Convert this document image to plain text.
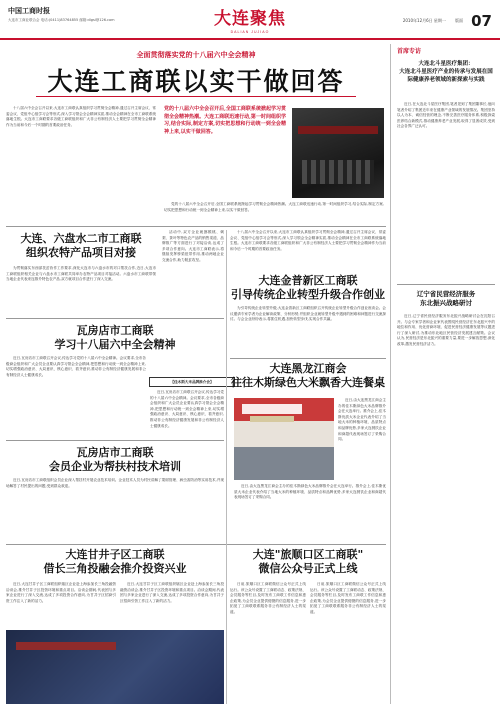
中国工商时报
大连市工商业联合会 电话:(0411)83764855 邮箱:dlgsl@126.com	大连聚焦
DALIAN JUJIAO
2010年12月6日 星期一 版面 07
全面贯彻落实党的十八届六中全会精神
大连工商联以实干做回答
党的十八届六中全会召开后,全国工商联系统掀起学习贯彻全会精神热潮。大连工商联迅速行动,第一时间组织学习,结合实际,制定方案,切实把思想和行动统一到全会精神上来,以实干做回答。

十八届六中全会召开以来,大连市工商联认真组织学习贯彻全会精神,通过召开主席会议、常委会议、党组中心组学习会等形式,深入学习领会全会精神实质,推动全会精神在全市工商联系统落地生根。大连市工商联要求各级工商联组织和广大非公有制经济人士要把学习贯彻全会精神作为当前和今后一个时期的首要政治任务。

党的十八届六中全会召开后,全国工商联系统掀起学习贯彻全会精神热潮。大连工商联迅速行动,第一时间组织学习,结合实际,制定方案,切实把思想和行动统一到全会精神上来,以实干做回答。

大连、六盘水二市工商联
组织农特产品项目对接

为贯彻落实东西部扶贫协作工作要求,深化大连市与六盘水市的对口帮扶合作,近日,大连市工商联组织相关企业与六盘水市工商联共同举办农特产品项目对接活动。六盘水市工商联带领当地企业代表来连推介特色农产品,双方就项目合作进行了深入交流。

活动中,双方企业就猕猴桃、刺梨、茶叶等特色农产品的销售渠道、品牌推广等方面进行了对接洽谈,达成了多项合作意向。大连市工商联表示,将继续发挥桥梁纽带作用,推动两地企业交流合作,助力脱贫攻坚。

十八届六中全会召开以来,大连市工商联认真组织学习贯彻全会精神,通过召开主席会议、常委会议、党组中心组学习会等形式,深入学习领会全会精神实质,推动全会精神在全市工商联系统落地生根。大连市工商联要求各级工商联组织和广大非公有制经济人士要把学习贯彻全会精神作为当前和今后一个时期的首要政治任务。

大连金普新区工商联
引导传统企业转型升级合作创业

为引导传统企业转型升级,大连金普新区工商联组织召开传统企业转型升级合作创业座谈会。会议邀请专家学者为企业解读政策、分析形势,并组织企业就转型升级中遇到的困难和问题进行交流探讨。与会企业纷纷表示,将抓住机遇,加快转型步伐,实现合作共赢。

瓦房店市工商联
学习十八届六中全会精神

近日,瓦房店市工商联召开会议,传达学习党的十八届六中全会精神。会议要求,全市各级商会组织和广大会员企业要认真学习领会全会精神,把思想和行动统一到全会精神上来,切实增强政治意识、大局意识、核心意识、看齐意识,推动非公有制经济健康发展和非公有制经济人士健康成长。

近日,瓦房店市工商联召开会议,传达学习党的十八届六中全会精神。会议要求,全市各级商会组织和广大会员企业要认真学习领会全会精神,把思想和行动统一到全会精神上来,切实增强政治意识、大局意识、核心意识、看齐意识,推动非公有制经济健康发展和非公有制经济人士健康成长。

【佳木斯大米品牌推介会】
大连黑龙江商会
往往木斯绿色大米飘香大连餐桌

近日,由大连黑龙江商会主办的佳木斯绿色大米品牌推介会在大连举行。推介会上,佳木斯优质大米企业代表介绍了当地大米的种植环境、品质特点和品牌优势,多家大连餐饮企业和商超代表现场签订了采购合同。

近日,由大连黑龙江商会主办的佳木斯绿色大米品牌推介会在大连举行。推介会上,佳木斯优质大米企业代表介绍了当地大米的种植环境、品质特点和品牌优势,多家大连餐饮企业和商超代表现场签订了采购合同。

瓦房店市工商联
会员企业为帮扶村技术培训

近日,瓦房店市工商联组织会员企业深入帮扶村开展农业技术培训。企业技术人员为村民讲解了果树管理、病虫害防治等实用技术,并现场解答了村民提出的问题,受到群众欢迎。

大连甘井子区工商联
借长三角投融会推介投资兴业

近日,大连甘井子区工商联组织辖区企业赴上海参加长三角投融资洽谈会,推介甘井子区投资环境和重点项目。洽谈会期间,代表团与多家企业进行了深入交流,达成了多项投资合作意向,为甘井子区招商引资工作注入了新的活力。

近日,大连甘井子区工商联组织辖区企业赴上海参加长三角投融资洽谈会,推介甘井子区投资环境和重点项目。洽谈会期间,代表团与多家企业进行了深入交流,达成了多项投资合作意向,为甘井子区招商引资工作注入了新的活力。

大连"旅顺口区工商联"
微信公众号正式上线

日前,旅顺口区工商联微信公众号正式上线运行。该公众号设置了工商联动态、政策法规、会员服务等栏目,及时发布工商联工作信息和惠企政策,为会员企业提供便捷的信息服务,进一步拓宽了工商联联系服务非公有制经济人士的渠道。

日前,旅顺口区工商联微信公众号正式上线运行。该公众号设置了工商联动态、政策法规、会员服务等栏目,及时发布工商联工作信息和惠企政策,为会员企业提供便捷的信息服务,进一步拓宽了工商联联系服务非公有制经济人士的渠道。

首席专访
大连北斗星医疗集团：
大连北斗星医疗产业的传承与发展在国际健康养老领域的新探索与实践

近日,在大连北斗星医疗集团,笔者见到了集团董事长,他向笔者介绍了集团近年来在健康产业领域的发展情况。集团坚持以人为本、诚信经营的理念,不断完善医疗服务体系,积极探索医养结合新模式,推动健康养老产业发展,取得了显著成效,受到社会各界广泛认可。

辽宁省民营经济服务
东北振兴战略研讨

近日,辽宁省民营经济服务东北振兴战略研讨会在沈阳召开。与会专家学者和企业家代表围绕民营经济在东北振兴中的地位和作用、优化营商环境、促进民营经济健康发展等议题进行了深入研讨,为推动东北地区民营经济发展建言献策。会议认为,民营经济是东北振兴的重要力量,要进一步解放思想,深化改革,激发民营经济活力。
